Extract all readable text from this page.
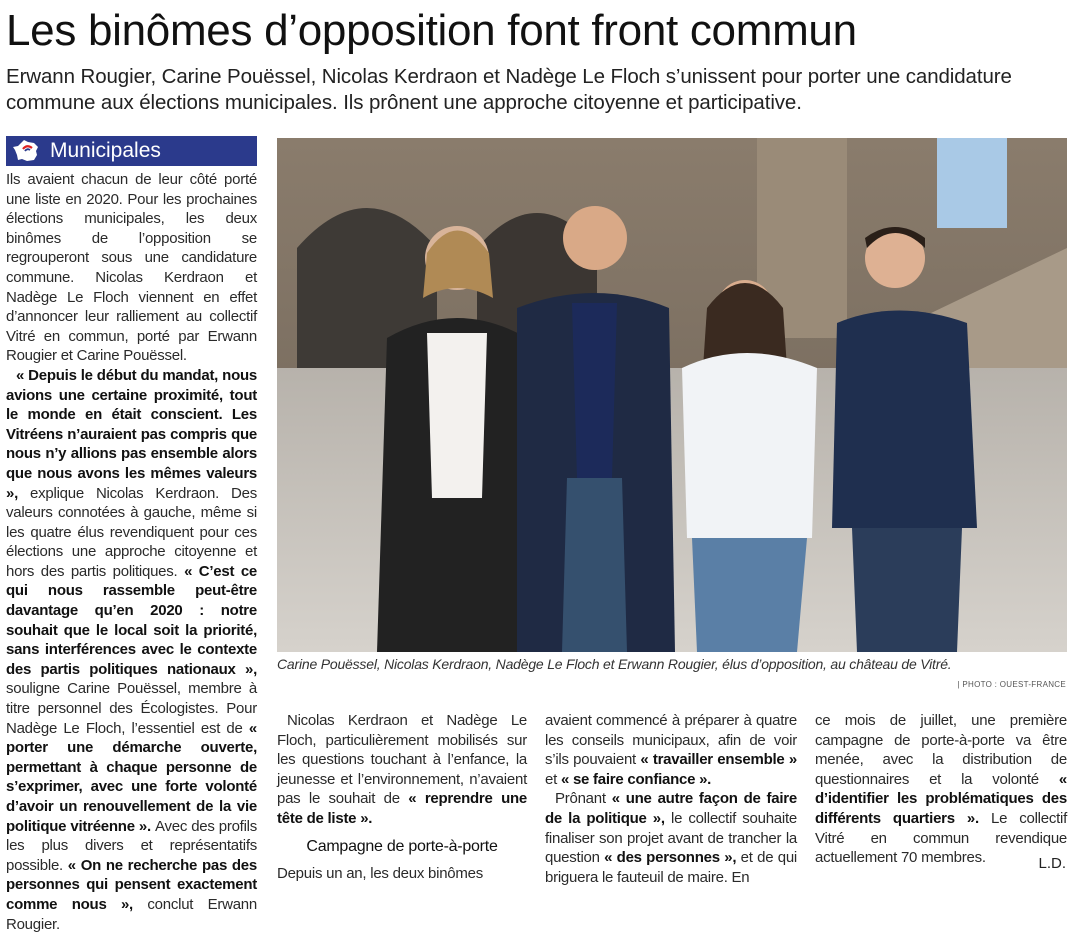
Les binômes d’opposition font front commun

Erwann Rougier, Carine Pouëssel, Nicolas Kerdraon et Nadège Le Floch s’unissent pour porter une candidature commune aux élections municipales. Ils prônent une approche citoyenne et participative.

Municipales

Ils avaient chacun de leur côté porté une liste en 2020. Pour les prochaines élections municipales, les deux binômes de l’opposition se regrouperont sous une candidature commune. Nicolas Kerdraon et Nadège Le Floch viennent en effet d’annoncer leur ralliement au collectif Vitré en commun, porté par Erwann Rougier et Carine Pouëssel.

« Depuis le début du mandat, nous avions une certaine proximité, tout le monde en était conscient. Les Vitréens n’auraient pas compris que nous n’y allions pas ensemble alors que nous avons les mêmes valeurs », explique Nicolas Kerdraon. Des valeurs connotées à gauche, même si les quatre élus revendiquent pour ces élections une approche citoyenne et hors des partis politiques. « C’est ce qui nous rassemble peut-être davantage qu’en 2020 : notre souhait que le local soit la priorité, sans interférences avec le contexte des partis politiques nationaux », souligne Carine Pouëssel, membre à titre personnel des Écologistes. Pour Nadège Le Floch, l’essentiel est de « porter une démarche ouverte, permettant à chaque personne de s’exprimer, avec une forte volonté d’avoir un renouvellement de la vie politique vitréenne ». Avec des profils les plus divers et représentatifs possible. « On ne recherche pas des personnes qui pensent exactement comme nous », conclut Erwann Rougier.

Carine Pouëssel, Nicolas Kerdraon, Nadège Le Floch et Erwann Rougier, élus d’opposition, au château de Vitré.
| PHOTO : OUEST-FRANCE

Nicolas Kerdraon et Nadège Le Floch, particulièrement mobilisés sur les questions touchant à l’enfance, la jeunesse et l’environnement, n’avaient pas le souhait de « reprendre une tête de liste ».

Campagne de porte-à-porte

Depuis un an, les deux binômes

avaient commencé à préparer à quatre les conseils municipaux, afin de voir s’ils pouvaient « travailler ensemble » et « se faire confiance ».

Prônant « une autre façon de faire de la politique », le collectif souhaite finaliser son projet avant de trancher la question « des personnes », et de qui briguera le fauteuil de maire. En

ce mois de juillet, une première campagne de porte-à-porte va être menée, avec la distribution de questionnaires et la volonté « d’identifier les problématiques des différents quartiers ». Le collectif Vitré en commun revendique actuellement 70 membres.	L.D.
